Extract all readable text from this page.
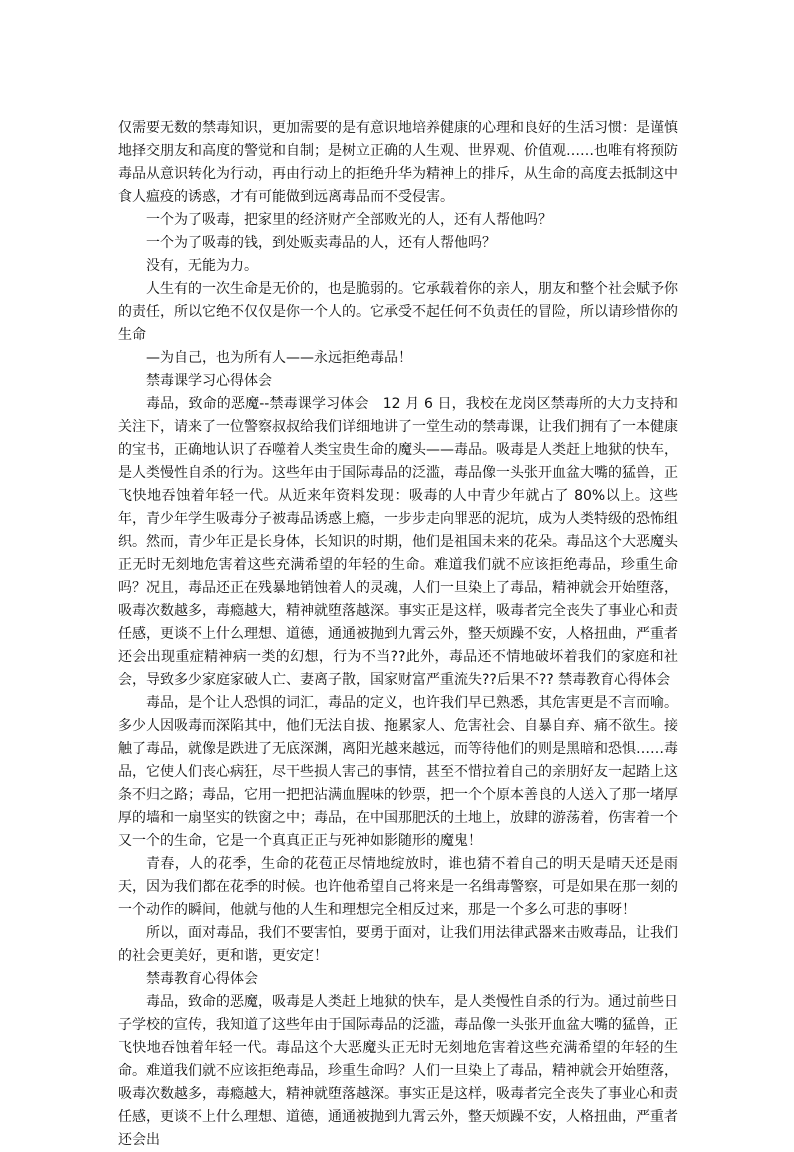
仅需要无数的禁毒知识，更加需要的是有意识地培养健康的心理和良好的生活习惯：是谨慎地择交朋友和高度的警觉和自制；是树立正确的人生观、世界观、价值观……也唯有将预防毒品从意识转化为行动，再由行动上的拒绝升华为精神上的排斥，从生命的高度去抵制这中食人瘟疫的诱惑，才有可能做到远离毒品而不受侵害。

一个为了吸毒，把家里的经济财产全部败光的人，还有人帮他吗？

一个为了吸毒的钱，到处贩卖毒品的人，还有人帮他吗？

没有，无能为力。

人生有的一次生命是无价的，也是脆弱的。它承载着你的亲人，朋友和整个社会赋予你的责任，所以它绝不仅仅是你一个人的。它承受不起任何不负责任的冒险，所以请珍惜你的生命

—为自己，也为所有人——永远拒绝毒品！

禁毒课学习心得体会

毒品，致命的恶魔--禁毒课学习体会　12 月 6 日，我校在龙岗区禁毒所的大力支持和关注下，请来了一位警察叔叔给我们详细地讲了一堂生动的禁毒课，让我们拥有了一本健康的宝书，正确地认识了吞噬着人类宝贵生命的魔头——毒品。吸毒是人类赶上地狱的快车，是人类慢性自杀的行为。这些年由于国际毒品的泛滥，毒品像一头张开血盆大嘴的猛兽，正飞快地吞蚀着年轻一代。从近来年资料发现：吸毒的人中青少年就占了 80%以上。这些年，青少年学生吸毒分子被毒品诱惑上瘾，一步步走向罪恶的泥坑，成为人类特级的恐怖组织。然而，青少年正是长身体，长知识的时期，他们是祖国未来的花朵。毒品这个大恶魔头正无时无刻地危害着这些充满希望的年轻的生命。难道我们就不应该拒绝毒品，珍重生命吗？况且，毒品还正在残暴地销蚀着人的灵魂，人们一旦染上了毒品，精神就会开始堕落，吸毒次数越多，毒瘾越大，精神就堕落越深。事实正是这样，吸毒者完全丧失了事业心和责任感，更谈不上什么理想、道德，通通被抛到九霄云外，整天烦躁不安，人格扭曲，严重者还会出现重症精神病一类的幻想，行为不当??此外，毒品还不情地破坏着我们的家庭和社会，导致多少家庭家破人亡、妻离子散，国家财富严重流失??后果不?? 禁毒教育心得体会

毒品，是个让人恐惧的词汇，毒品的定义，也许我们早已熟悉，其危害更是不言而喻。多少人因吸毒而深陷其中，他们无法自拔、拖累家人、危害社会、自暴自弃、痛不欲生。接触了毒品，就像是跌进了无底深渊，离阳光越来越远，而等待他们的则是黑暗和恐惧……毒品，它使人们丧心病狂，尽干些损人害己的事情，甚至不惜拉着自己的亲朋好友一起踏上这条不归之路；毒品，它用一把把沾满血腥味的钞票，把一个个原本善良的人送入了那一堵厚厚的墙和一扇坚实的铁窗之中；毒品，在中国那肥沃的土地上，放肆的游荡着，伤害着一个又一个的生命，它是一个真真正正与死神如影随形的魔鬼！

青春，人的花季，生命的花苞正尽情地绽放时，谁也猜不着自己的明天是晴天还是雨天，因为我们都在花季的时候。也许他希望自己将来是一名缉毒警察，可是如果在那一刻的一个动作的瞬间，他就与他的人生和理想完全相反过来，那是一个多么可悲的事呀！

所以，面对毒品，我们不要害怕，要勇于面对，让我们用法律武器来击败毒品，让我们的社会更美好，更和谐，更安定！

禁毒教育心得体会

毒品，致命的恶魔，吸毒是人类赶上地狱的快车，是人类慢性自杀的行为。通过前些日子学校的宣传，我知道了这些年由于国际毒品的泛滥，毒品像一头张开血盆大嘴的猛兽，正飞快地吞蚀着年轻一代。毒品这个大恶魔头正无时无刻地危害着这些充满希望的年轻的生命。难道我们就不应该拒绝毒品，珍重生命吗？人们一旦染上了毒品，精神就会开始堕落，吸毒次数越多，毒瘾越大，精神就堕落越深。事实正是这样，吸毒者完全丧失了事业心和责任感，更谈不上什么理想、道德，通通被抛到九霄云外，整天烦躁不安，人格扭曲，严重者还会出
